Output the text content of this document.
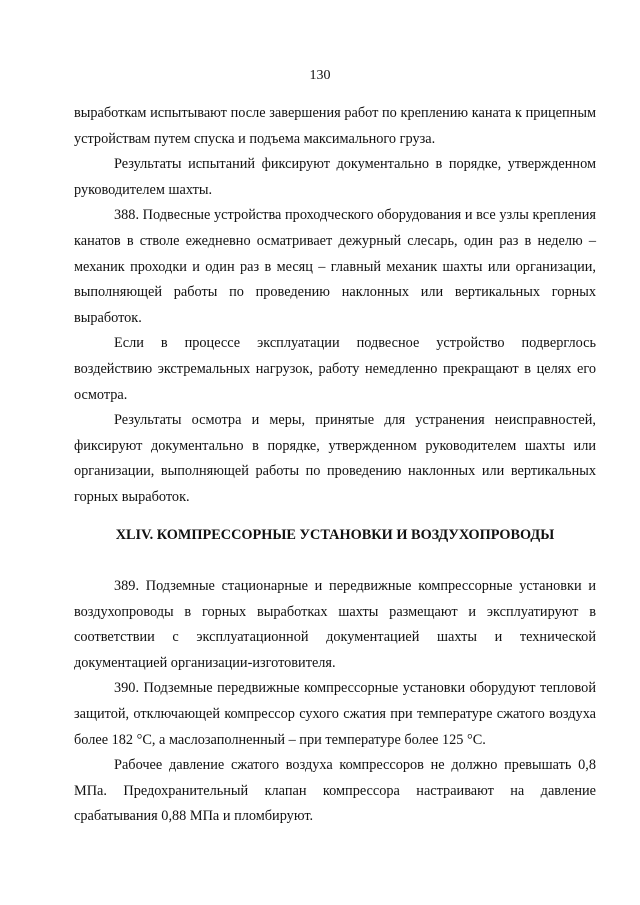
130

выработкам испытывают после завершения работ по креплению каната к прицепным устройствам путем спуска и подъема максимального груза.

Результаты испытаний фиксируют документально в порядке, утвержденном руководителем шахты.

388. Подвесные устройства проходческого оборудования и все узлы крепления канатов в стволе ежедневно осматривает дежурный слесарь, один раз в неделю – механик проходки и один раз в месяц – главный механик шахты или организации, выполняющей работы по проведению наклонных или вертикальных горных выработок.

Если в процессе эксплуатации подвесное устройство подверглось воздействию экстремальных нагрузок, работу немедленно прекращают в целях его осмотра.

Результаты осмотра и меры, принятые для устранения неисправностей, фиксируют документально в порядке, утвержденном руководителем шахты или организации, выполняющей работы по проведению наклонных или вертикальных горных выработок.

XLIV. КОМПРЕССОРНЫЕ УСТАНОВКИ И ВОЗДУХОПРОВОДЫ

389. Подземные стационарные и передвижные компрессорные установки и воздухопроводы в горных выработках шахты размещают и эксплуатируют в соответствии с эксплуатационной документацией шахты и технической документацией организации-изготовителя.

390. Подземные передвижные компрессорные установки оборудуют тепловой защитой, отключающей компрессор сухого сжатия при температуре сжатого воздуха более 182 °С, а маслозаполненный – при температуре более 125 °С.

Рабочее давление сжатого воздуха компрессоров не должно превышать 0,8 МПа. Предохранительный клапан компрессора настраивают на давление срабатывания 0,88 МПа и пломбируют.
